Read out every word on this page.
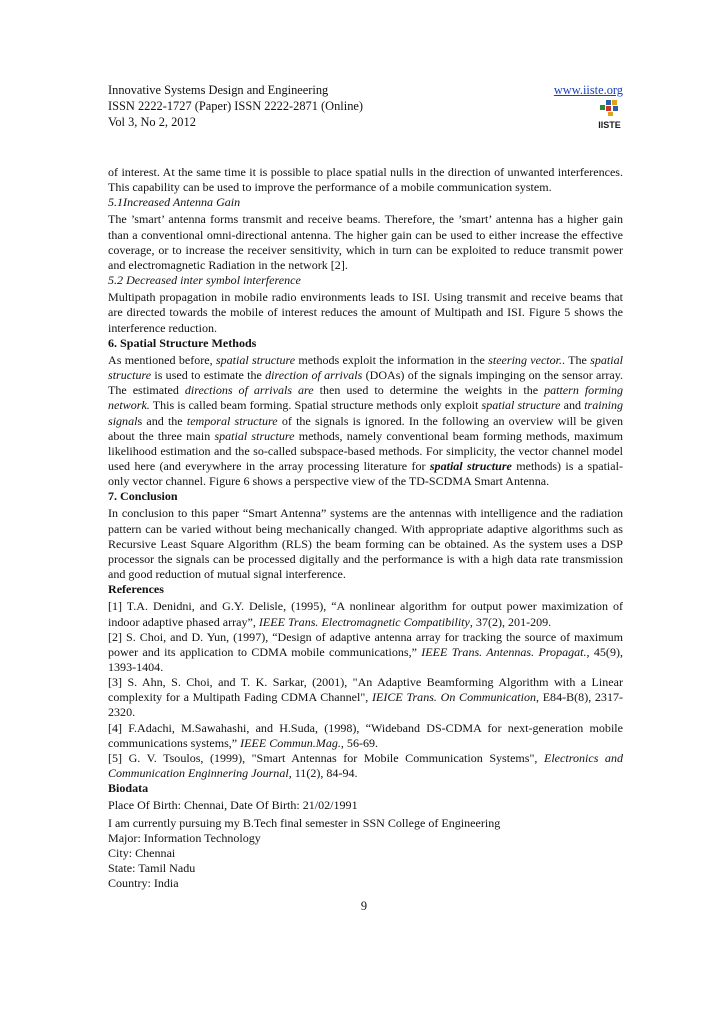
Innovative Systems Design and Engineering
ISSN 2222-1727 (Paper) ISSN 2222-2871 (Online)
Vol 3, No 2, 2012
www.iiste.org
IISTE

of interest. At the same time it is possible to place spatial nulls in the direction of unwanted interferences. This capability can be used to improve the performance of a mobile communication system.

5.1Increased Antenna Gain

The ’smart’ antenna forms transmit and receive beams. Therefore, the ’smart’ antenna has a higher gain than a conventional omni-directional antenna. The higher gain can be used to either increase the effective coverage, or to increase the receiver sensitivity, which in turn can be exploited to reduce transmit power and electromagnetic Radiation in the network [2].

5.2 Decreased inter symbol interference

Multipath propagation in mobile radio environments leads to ISI. Using transmit and receive beams that are directed towards the mobile of interest reduces the amount of Multipath and ISI. Figure 5 shows the interference reduction.

6. Spatial Structure Methods

As mentioned before, spatial structure methods exploit the information in the steering vector.. The spatial structure is used to estimate the direction of arrivals (DOAs) of the signals impinging on the sensor array. The estimated directions of arrivals are then used to determine the weights in the pattern forming network. This is called beam forming. Spatial structure methods only exploit spatial structure and training signals and the temporal structure of the signals is ignored. In the following an overview will be given about the three main spatial structure methods, namely conventional beam forming methods, maximum likelihood estimation and the so-called subspace-based methods. For simplicity, the vector channel model used here (and everywhere in the array processing literature for spatial structure methods) is a spatial-only vector channel. Figure 6 shows a perspective view of the TD-SCDMA Smart Antenna.

7. Conclusion

In conclusion to this paper “Smart Antenna” systems are the antennas with intelligence and the radiation pattern can be varied without being mechanically changed. With appropriate adaptive algorithms such as Recursive Least Square Algorithm (RLS) the beam forming can be obtained. As the system uses a DSP processor the signals can be processed digitally and the performance is with a high data rate transmission and good reduction of mutual signal interference.

References

[1] T.A. Denidni, and G.Y. Delisle, (1995), “A nonlinear algorithm for output power maximization of indoor adaptive phased array”, IEEE Trans. Electromagnetic Compatibility, 37(2), 201-209.

[2] S. Choi, and D. Yun, (1997), “Design of adaptive antenna array for tracking the source of maximum power and its application to CDMA mobile communications,” IEEE Trans. Antennas. Propagat., 45(9), 1393-1404.

[3] S. Ahn, S. Choi, and T. K. Sarkar, (2001), "An Adaptive Beamforming Algorithm with a Linear complexity for a Multipath Fading CDMA Channel", IEICE Trans. On Communication, E84-B(8), 2317-2320.

[4] F.Adachi, M.Sawahashi, and H.Suda, (1998), “Wideband DS-CDMA for next-generation mobile communications systems,” IEEE Commun.Mag., 56-69.

[5] G. V. Tsoulos, (1999), "Smart Antennas for Mobile Communication Systems", Electronics and Communication Enginnering Journal, 11(2), 84-94.

Biodata

Place Of Birth: Chennai, Date Of Birth: 21/02/1991

I am currently pursuing my B.Tech final semester in SSN College of Engineering

Major: Information Technology

City: Chennai

State: Tamil Nadu

Country: India

9
